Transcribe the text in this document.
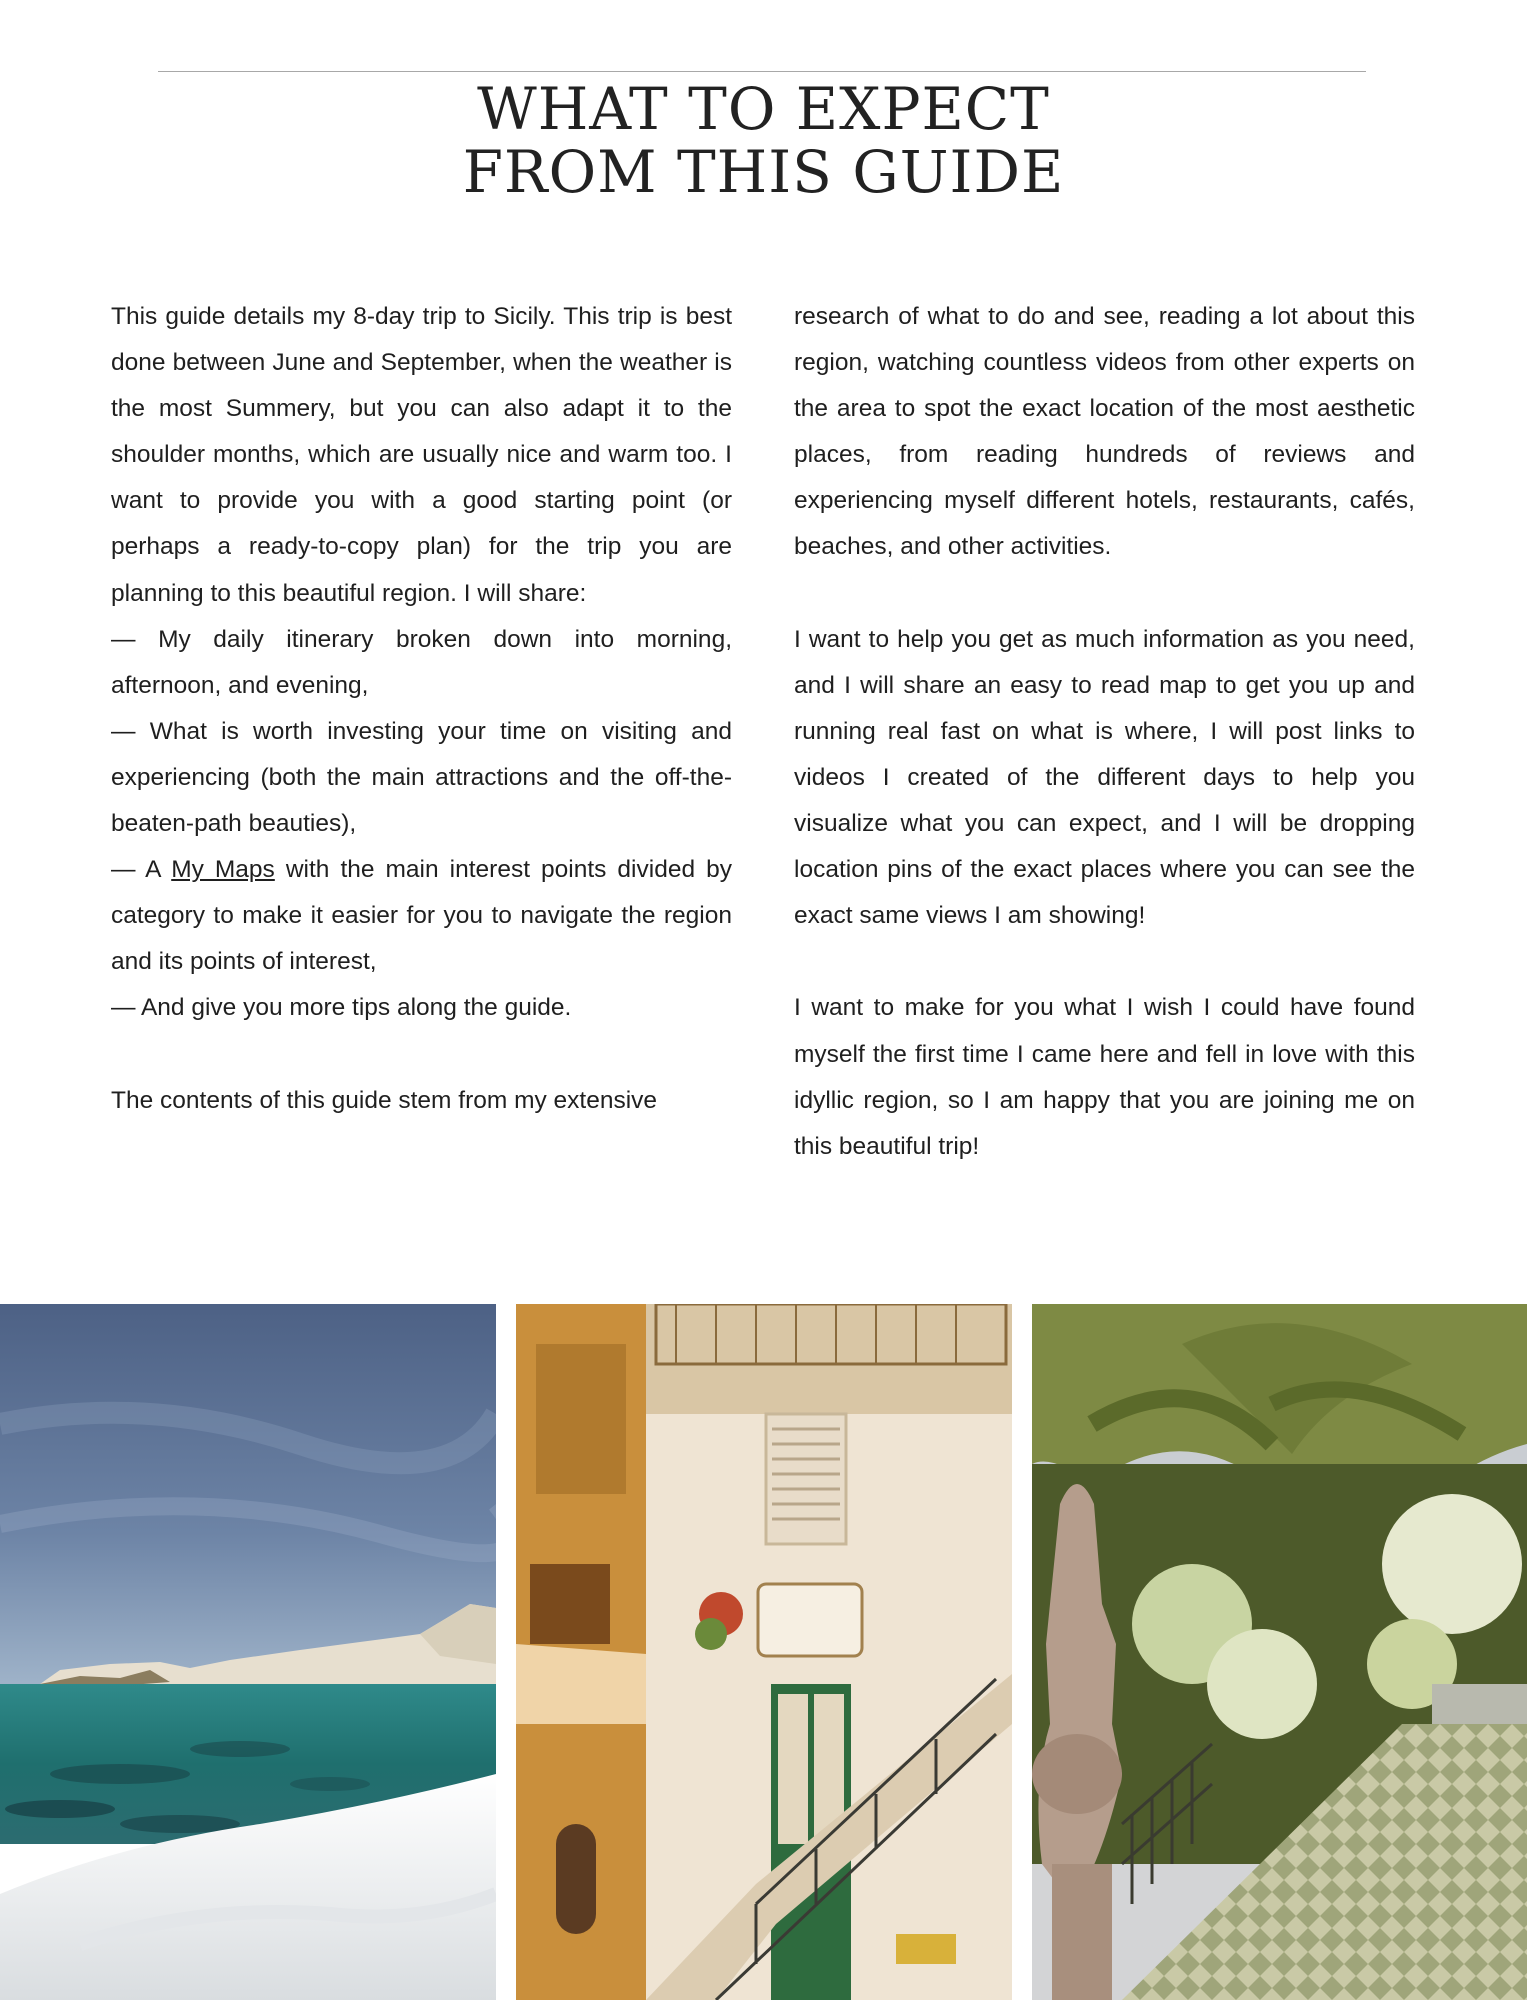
WHAT TO EXPECT
FROM THIS GUIDE

This guide details my 8-day trip to Sicily. This trip is best done between June and September, when the weather is the most Summery, but you can also adapt it to the shoulder months, which are usually nice and warm too. I want to provide you with a good starting point (or perhaps a ready-to-copy plan) for the trip you are planning to this beautiful region. I will share:

— My daily itinerary broken down into morning, afternoon, and evening,

— What is worth investing your time on visiting and experiencing (both the main attractions and the off-the-beaten-path beauties),

— A My Maps with the main interest points divided by category to make it easier for you to navigate the region and its points of interest,

— And give you more tips along the guide.

The contents of this guide stem from my extensive

research of what to do and see, reading a lot about this region, watching countless videos from other experts on the area to spot the exact location of the most aesthetic places, from reading hundreds of reviews and experiencing myself different hotels, restaurants, cafés, beaches, and other activities.

I want to help you get as much information as you need, and I will share an easy to read map to get you up and running real fast on what is where, I will post links to videos I created of the different days to help you visualize what you can expect, and I will be dropping location pins of the exact places where you can see the exact same views I am showing!

I want to make for you what I wish I could have found myself the first time I came here and fell in love with this idyllic region, so I am happy that you are joining me on this beautiful trip!
